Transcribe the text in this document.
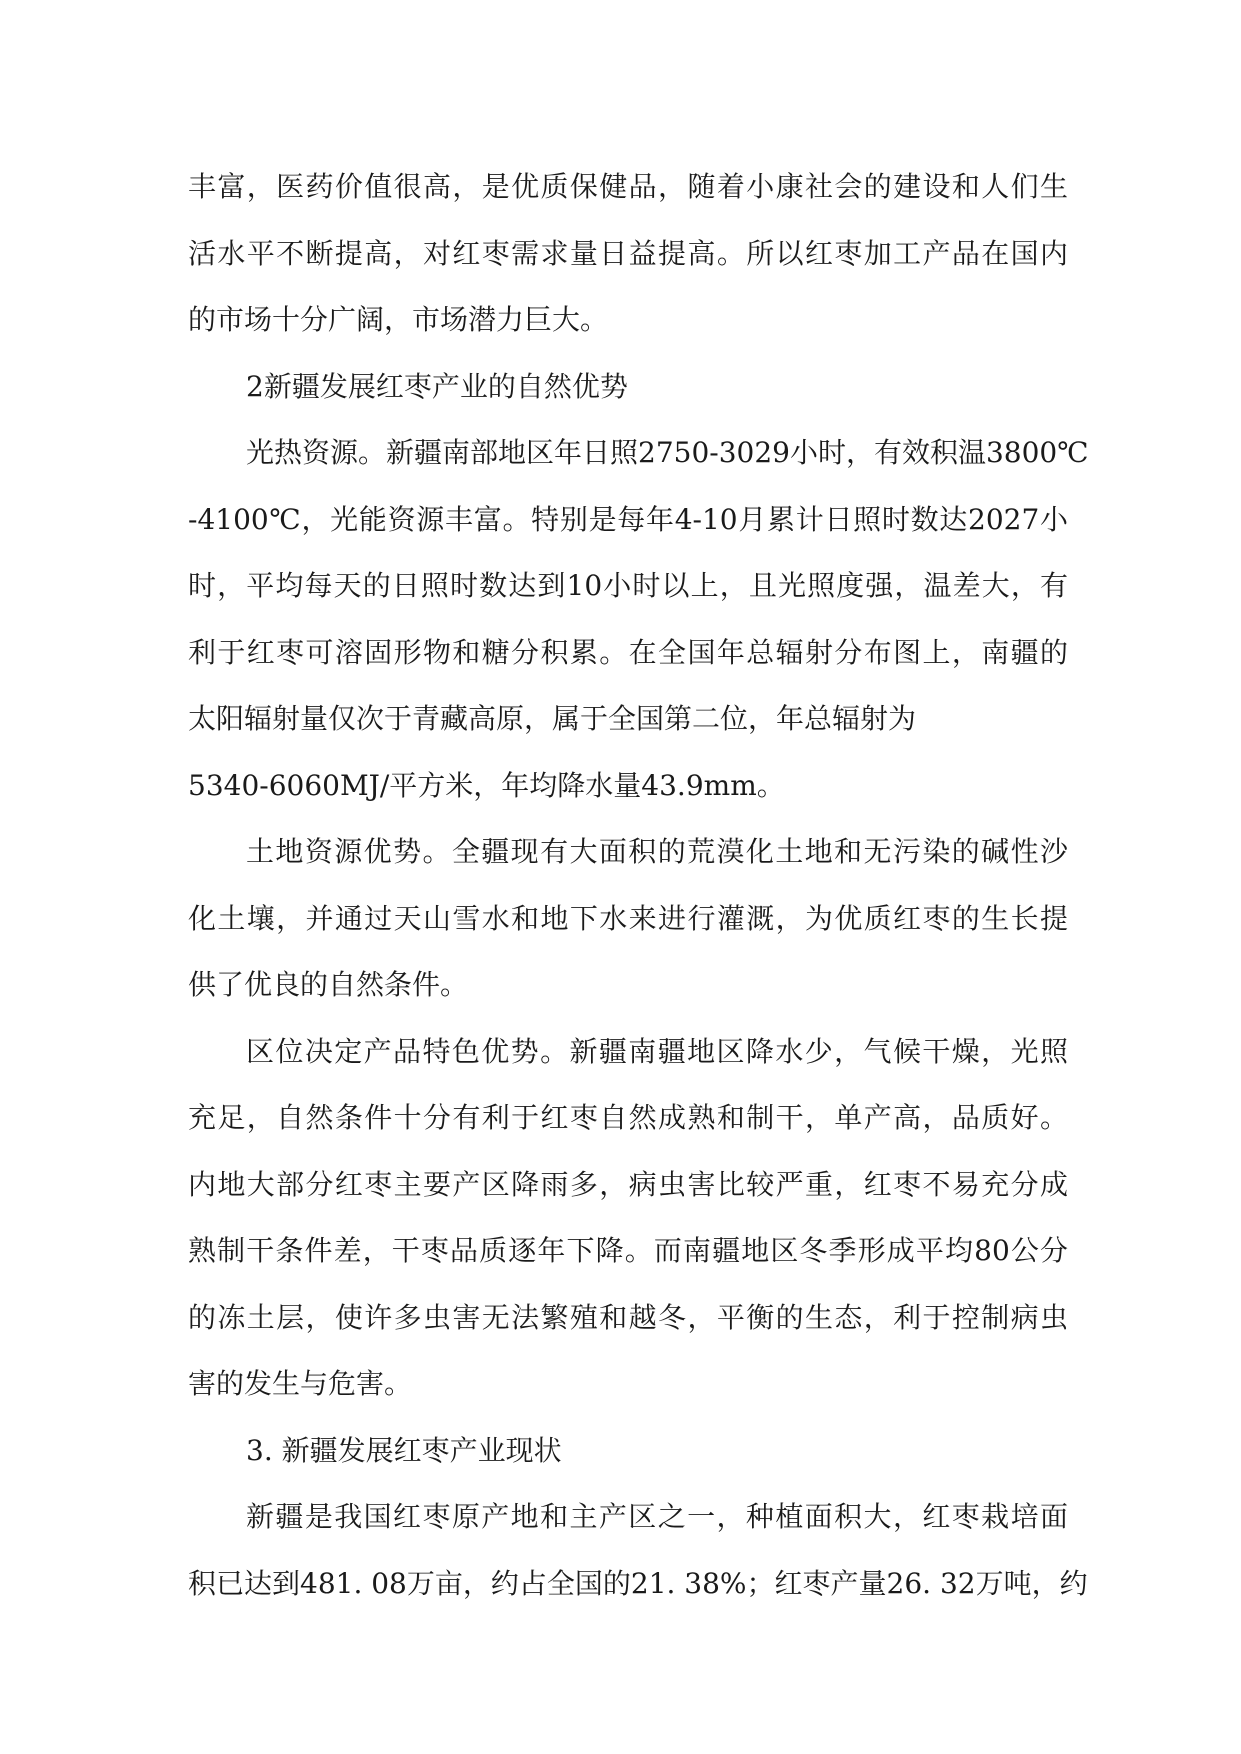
丰富，医药价值很高，是优质保健品，随着小康社会的建设和人们生
活水平不断提高，对红枣需求量日益提高。所以红枣加工产品在国内
的市场十分广阔，市场潜力巨大。
2新疆发展红枣产业的自然优势
光热资源。新疆南部地区年日照2750-3029小时，有效积温3800℃
-4100℃，光能资源丰富。特别是每年4-10月累计日照时数达2027小
时，平均每天的日照时数达到10小时以上，且光照度强，温差大，有
利于红枣可溶固形物和糖分积累。在全国年总辐射分布图上，南疆的
太阳辐射量仅次于青藏高原，属于全国第二位，年总辐射为
5340-6060MJ/平方米，年均降水量43.9mm。
土地资源优势。全疆现有大面积的荒漠化土地和无污染的碱性沙
化土壤，并通过天山雪水和地下水来进行灌溉，为优质红枣的生长提
供了优良的自然条件。
区位决定产品特色优势。新疆南疆地区降水少，气候干燥，光照
充足，自然条件十分有利于红枣自然成熟和制干，单产高，品质好。
内地大部分红枣主要产区降雨多，病虫害比较严重，红枣不易充分成
熟制干条件差，干枣品质逐年下降。而南疆地区冬季形成平均80公分
的冻土层，使许多虫害无法繁殖和越冬，平衡的生态，利于控制病虫
害的发生与危害。
3. 新疆发展红枣产业现状
新疆是我国红枣原产地和主产区之一，种植面积大，红枣栽培面
积已达到481. 08万亩，约占全国的21. 38%；红枣产量26. 32万吨，约
